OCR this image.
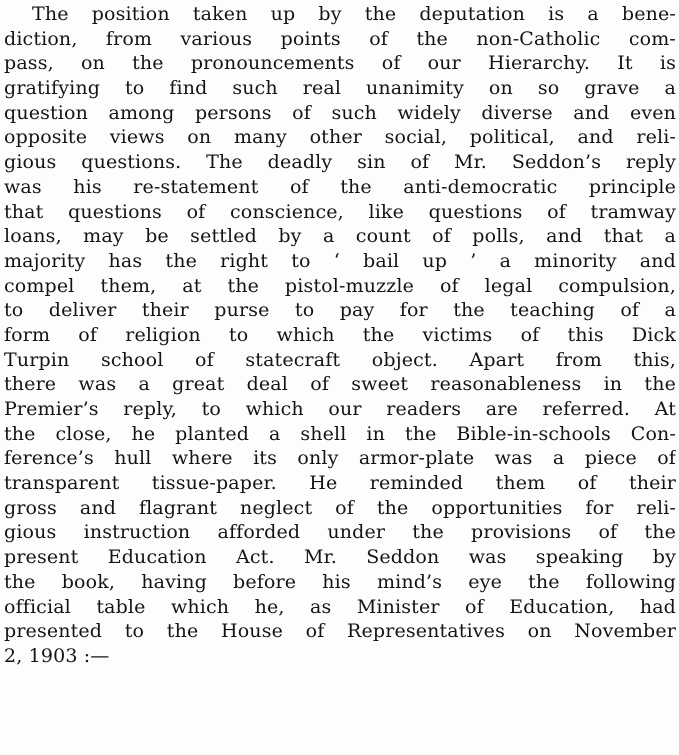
The position taken up by the deputation is a bene-
diction, from various points of the non-Catholic com-
pass, on the pronouncements of our Hierarchy. It is
gratifying to find such real unanimity on so grave a
question among persons of such widely diverse and even
opposite views on many other social, political, and reli-
gious questions. The deadly sin of Mr. Seddon’s reply
was his re-statement of the anti-democratic principle
that questions of conscience, like questions of tramway
loans, may be settled by a count of polls, and that a
majority has the right to ‘ bail up ’ a minority and
compel them, at the pistol-muzzle of legal compulsion,
to deliver their purse to pay for the teaching of a
form of religion to which the victims of this Dick
Turpin school of statecraft object. Apart from this,
there was a great deal of sweet reasonableness in the
Premier’s reply, to which our readers are referred. At
the close, he planted a shell in the Bible-in-schools Con-
ference’s hull where its only armor-plate was a piece of
transparent tissue-paper. He reminded them of their
gross and flagrant neglect of the opportunities for reli-
gious instruction afforded under the provisions of the
present Education Act. Mr. Seddon was speaking by
the book, having before his mind’s eye the following
official table which he, as Minister of Education, had
presented to the House of Representatives on November
2, 1903 :—
